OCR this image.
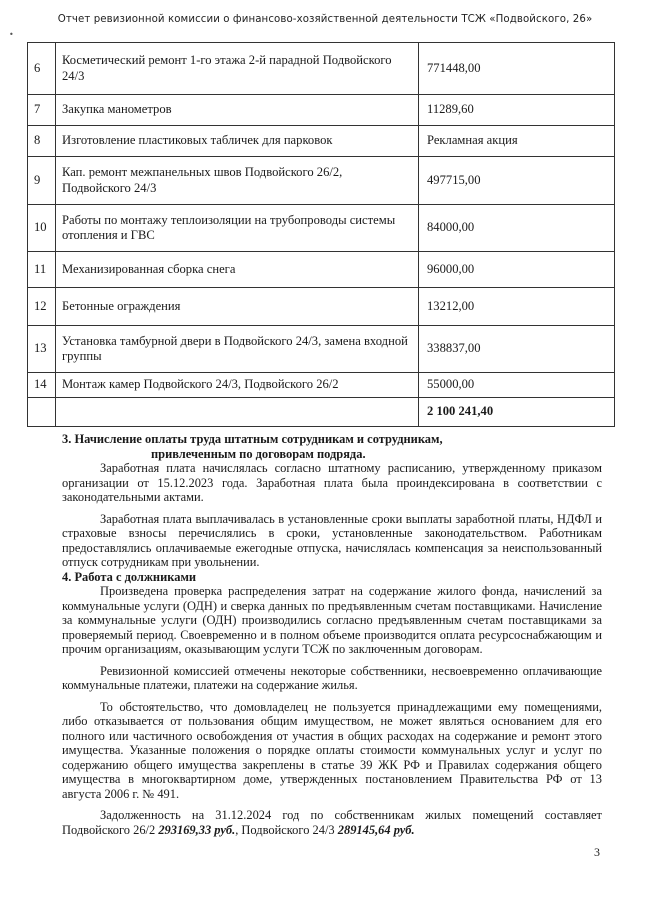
Отчет ревизионной комиссии о финансово-хозяйственной деятельности ТСЖ «Подвойского, 26»
•
6	Косметический ремонт 1-го этажа 2-й парадной Подвойского 24/3	771448,00
7	Закупка манометров	11289,60
8	Изготовление пластиковых табличек для парковок	Рекламная акция
9	Кап. ремонт межпанельных швов Подвойского 26/2, Подвойского 24/3	497715,00
10	Работы по монтажу теплоизоляции на трубопроводы системы отопления и ГВС	84000,00
11	Механизированная сборка снега	96000,00
12	Бетонные ограждения	13212,00
13	Установка тамбурной двери в Подвойского 24/3, замена входной группы	338837,00
14	Монтаж камер Подвойского 24/3, Подвойского 26/2	55000,00
		2 100 241,40

3. Начисление оплаты труда штатным сотрудникам и сотрудникам,

привлеченным по договорам подряда.

Заработная плата начислялась согласно штатному расписанию, утвержденному приказом организации от 15.12.2023 года. Заработная плата была проиндексирована в соответствии с законодательными актами.

Заработная плата выплачивалась в установленные сроки выплаты заработной платы, НДФЛ и страховые взносы перечислялись в сроки, установленные законодательством. Работникам предоставлялись оплачиваемые ежегодные отпуска, начислялась компенсация за неиспользованный отпуск сотрудникам при увольнении.

4. Работа с должниками

Произведена проверка распределения затрат на содержание жилого фонда, начислений за коммунальные услуги (ОДН) и сверка данных по предъявленным счетам поставщиками. Начисление за коммунальные услуги (ОДН) производились согласно предъявленным счетам поставщиками за проверяемый период. Своевременно и в полном объеме производится оплата ресурсоснабжающим и прочим организациям, оказывающим услуги ТСЖ по заключенным договорам.

Ревизионной комиссией отмечены некоторые собственники, несвоевременно оплачивающие коммунальные платежи, платежи на содержание жилья.

То обстоятельство, что домовладелец не пользуется принадлежащими ему помещениями, либо отказывается от пользования общим имуществом, не может являться основанием для его полного или частичного освобождения от участия в общих расходах на содержание и ремонт этого имущества. Указанные положения о порядке оплаты стоимости коммунальных услуг и услуг по содержанию общего имущества закреплены в статье 39 ЖК РФ и Правилах содержания общего имущества в многоквартирном доме, утвержденных постановлением Правительства РФ от 13 августа 2006 г. № 491.

Задолженность на 31.12.2024 год по собственникам жилых помещений составляет Подвойского 26/2 293169,33 руб., Подвойского 24/3 289145,64 руб.

3
